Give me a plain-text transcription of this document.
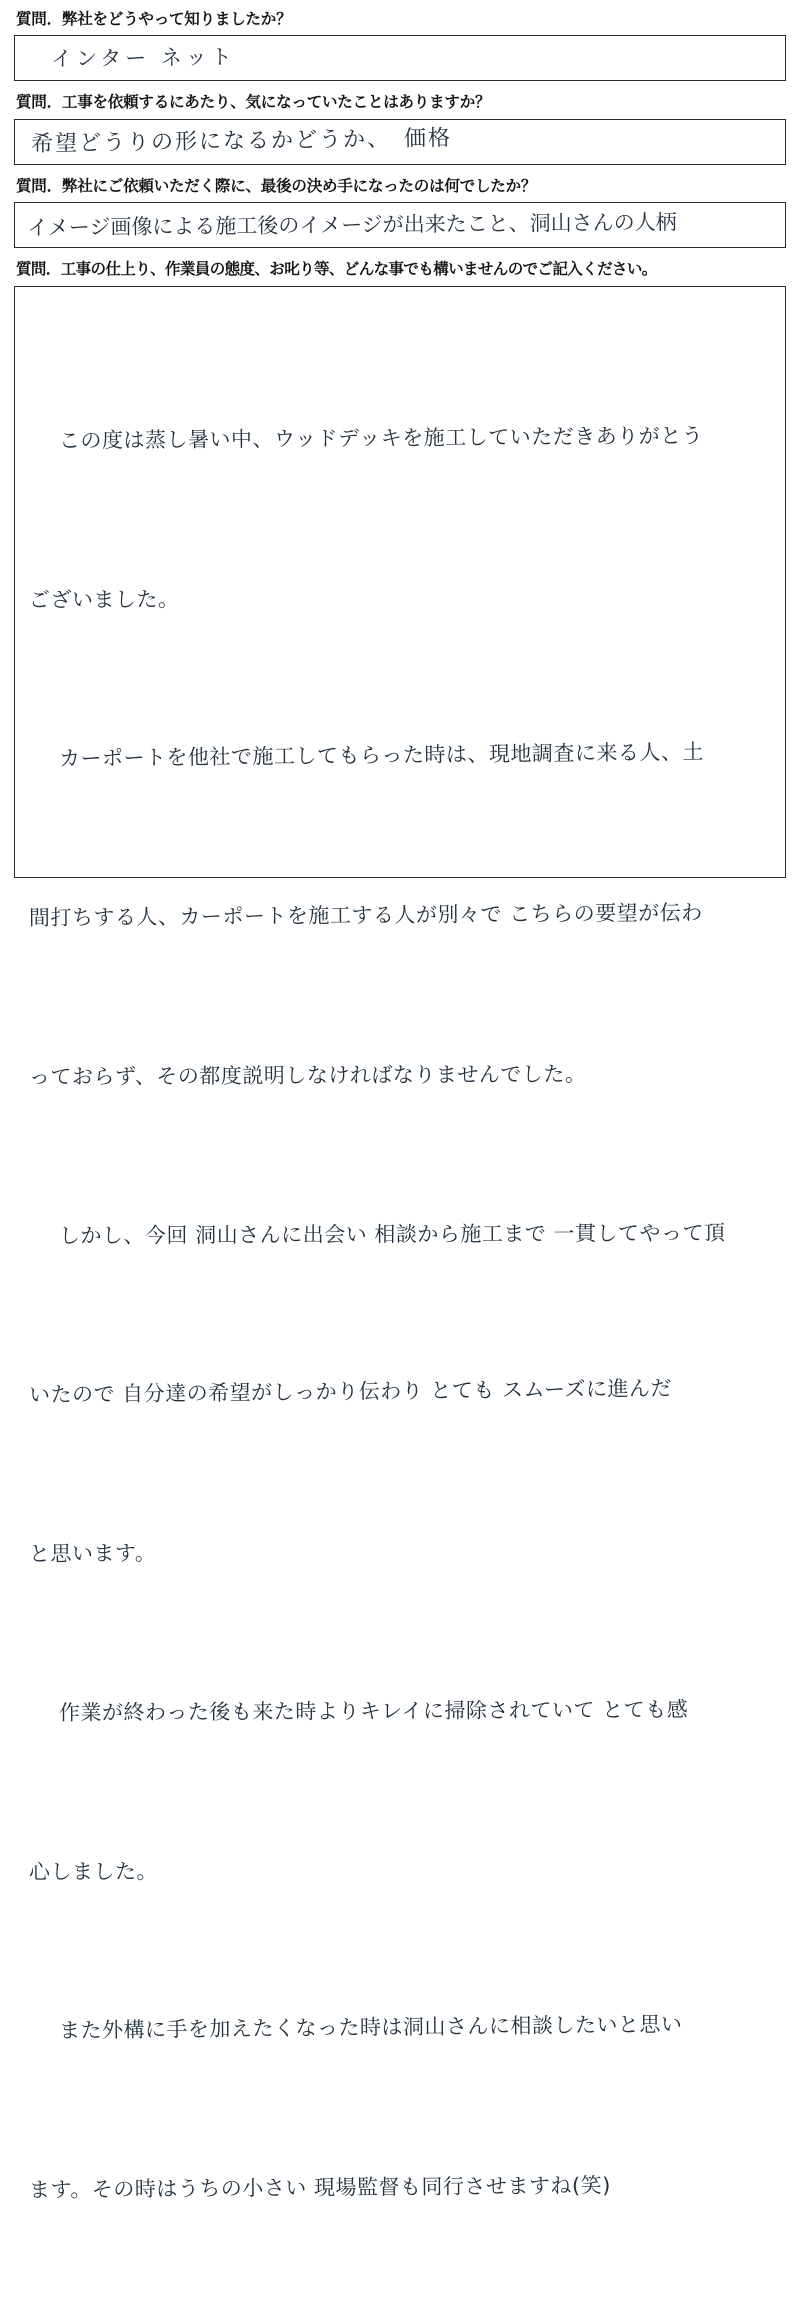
質問．弊社をどうやって知りましたか？
インター ネット
質問．工事を依頼するにあたり、気になっていたことはありますか？
希望どうりの形になるかどうか、　価格
質問．弊社にご依頼いただく際に、最後の決め手になったのは何でしたか？
イメージ画像による施工後のイメージが出来たこと、洞山さんの人柄
質問．工事の仕上り、作業員の態度、お叱り等、どんな事でも構いませんのでご記入ください。

この度は蒸し暑い中、ウッドデッキを施工していただきありがとう

ございました。

カーポートを他社で施工してもらった時は、現地調査に来る人、土

間打ちする人、カーポートを施工する人が別々で こちらの要望が伝わ

っておらず、その都度説明しなければなりませんでした。

しかし、今回 洞山さんに出会い 相談から施工まで 一貫してやって頂

いたので 自分達の希望がしっかり伝わり とても スムーズに進んだ

と思います。

作業が終わった後も来た時よりキレイに掃除されていて とても感

心しました。

また外構に手を加えたくなった時は洞山さんに相談したいと思い

ます。その時はうちの小さい 現場監督も同行させますね(笑)
